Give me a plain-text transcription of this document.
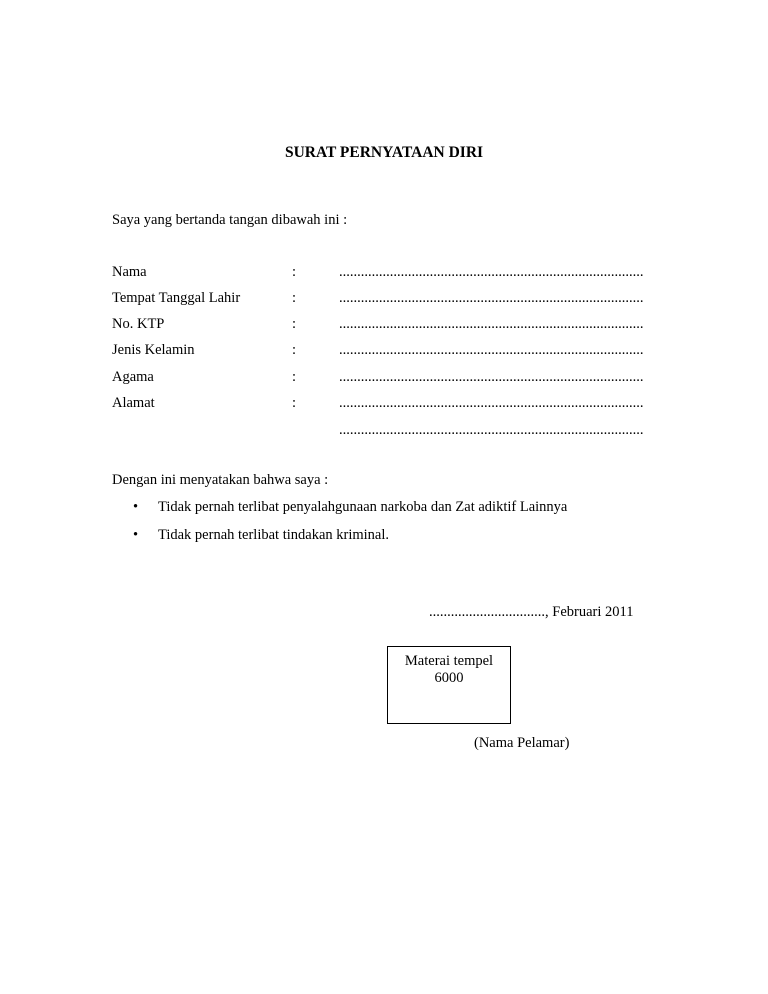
SURAT PERNYATAAN DIRI
Saya yang bertanda tangan dibawah ini :
Nama	:	....................................................................................
Tempat Tanggal Lahir	:	....................................................................................
No. KTP	:	....................................................................................
Jenis Kelamin	:	....................................................................................
Agama	:	....................................................................................
Alamat	:	....................................................................................
....................................................................................
Dengan ini menyatakan bahwa saya :
• Tidak pernah terlibat penyalahgunaan narkoba dan Zat adiktif Lainnya
• Tidak pernah terlibat tindakan kriminal.
................................, Februari 2011
Materai tempel
6000
(Nama Pelamar)
